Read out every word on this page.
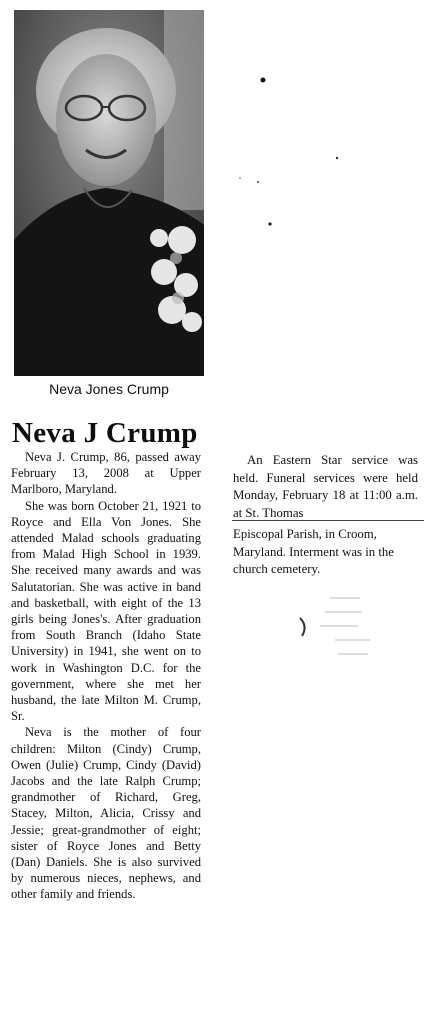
Neva Jones Crump
Neva J Crump

Neva J. Crump, 86, passed away February 13, 2008 at Upper Marlboro, Maryland.

She was born October 21, 1921 to Royce and Ella Von Jones. She attended Malad schools graduating from Malad High School in 1939. She received many awards and was Salutatorian. She was active in band and basketball, with eight of the 13 girls being Jones's. After graduation from South Branch (Idaho State University) in 1941, she went on to work in Washington D.C. for the government, where she met her husband, the late Milton M. Crump, Sr.

Neva is the mother of four children: Milton (Cindy) Crump, Owen (Julie) Crump, Cindy (David) Jacobs and the late Ralph Crump; grandmother of Richard, Greg, Stacey, Milton, Alicia, Crissy and Jessie; great-grandmother of eight; sister of Royce Jones and Betty (Dan) Daniels. She is also survived by numerous nieces, nephews, and other family and friends.

An Eastern Star service was held. Funeral services were held Monday, February 18 at 11:00 a.m. at St. Thomas

Episcopal Parish, in Croom, Maryland. Interment was in the church cemetery.
